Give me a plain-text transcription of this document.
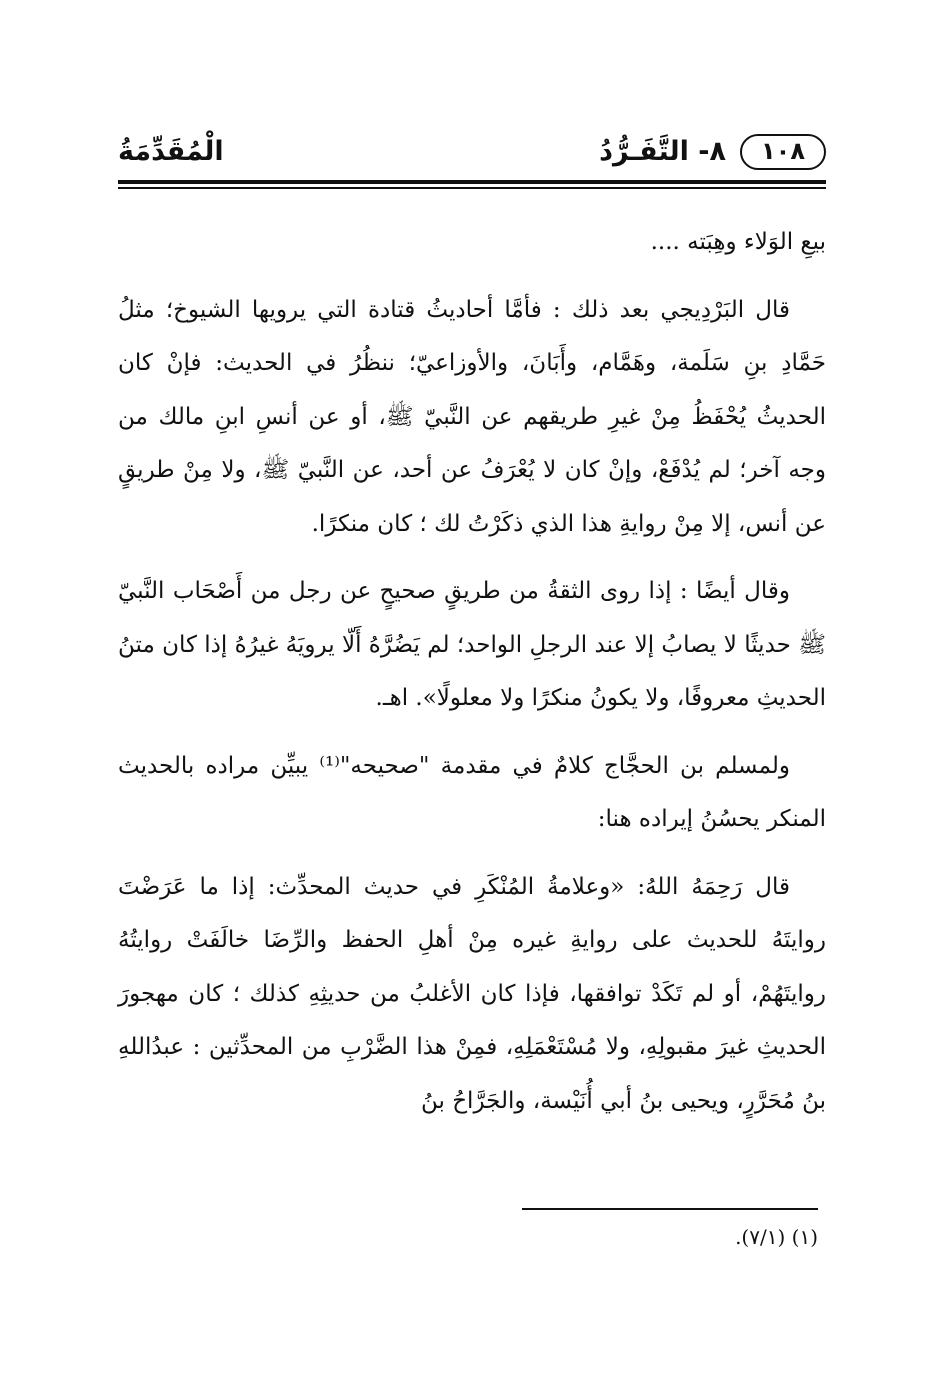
١٠٨
٨- التَّفَـرُّدُ
الْمُقَدِّمَةُ

بيعِ الوَلاء وهِبَته ....

قال البَرْدِيجي بعد ذلك : فأمَّا أحاديثُ قتادة التي يرويها الشيوخ؛ مثلُ حَمَّادِ بنِ سَلَمة، وهَمَّام، وأَبَانَ، والأوزاعيّ؛ ننظُرُ في الحديث: فإنْ كان الحديثُ يُحْفَظُ مِنْ غيرِ طريقهم عن النَّبيّ ﷺ، أو عن أنسِ ابنِ مالك من وجه آخر؛ لم يُدْفَعْ، وإنْ كان لا يُعْرَفُ عن أحد، عن النَّبيّ ﷺ، ولا مِنْ طريقٍ عن أنس، إلا مِنْ روايةِ هذا الذي ذكَرْتُ لك ؛ كان منكرًا.

وقال أيضًا : إذا روى الثقةُ من طريقٍ صحيحٍ عن رجل من أَصْحَاب النَّبيّ ﷺ حديثًا لا يصابُ إلا عند الرجلِ الواحد؛ لم يَضُرَّهُ أَلّا يرويَهُ غيرُهُ إذا كان متنُ الحديثِ معروفًا، ولا يكونُ منكرًا ولا معلولًا». اهـ.

ولمسلم بن الحجَّاج كلامٌ في مقدمة "صحيحه"⁽¹⁾ يبيِّن مراده بالحديث المنكر يحسُنُ إيراده هنا:

قال رَحِمَهُ اللهُ: «وعلامةُ المُنْكَرِ في حديث المحدِّث: إذا ما عَرَضْتَ روايتَهُ للحديث على روايةِ غيره مِنْ أهلِ الحفظ والرِّضَا خالَفَتْ روايتُهُ روايتَهُمْ، أو لم تَكَدْ توافقها، فإذا كان الأغلبُ من حديثِهِ كذلك ؛ كان مهجورَ الحديثِ غيرَ مقبولِهِ، ولا مُسْتَعْمَلِهِ، فمِنْ هذا الضَّرْبِ من المحدِّثين : عبدُاللهِ بنُ مُحَرَّرٍ، ويحيى بنُ أبي أُنَيْسة، والجَرَّاحُ بنُ

(١) (٧/١).
